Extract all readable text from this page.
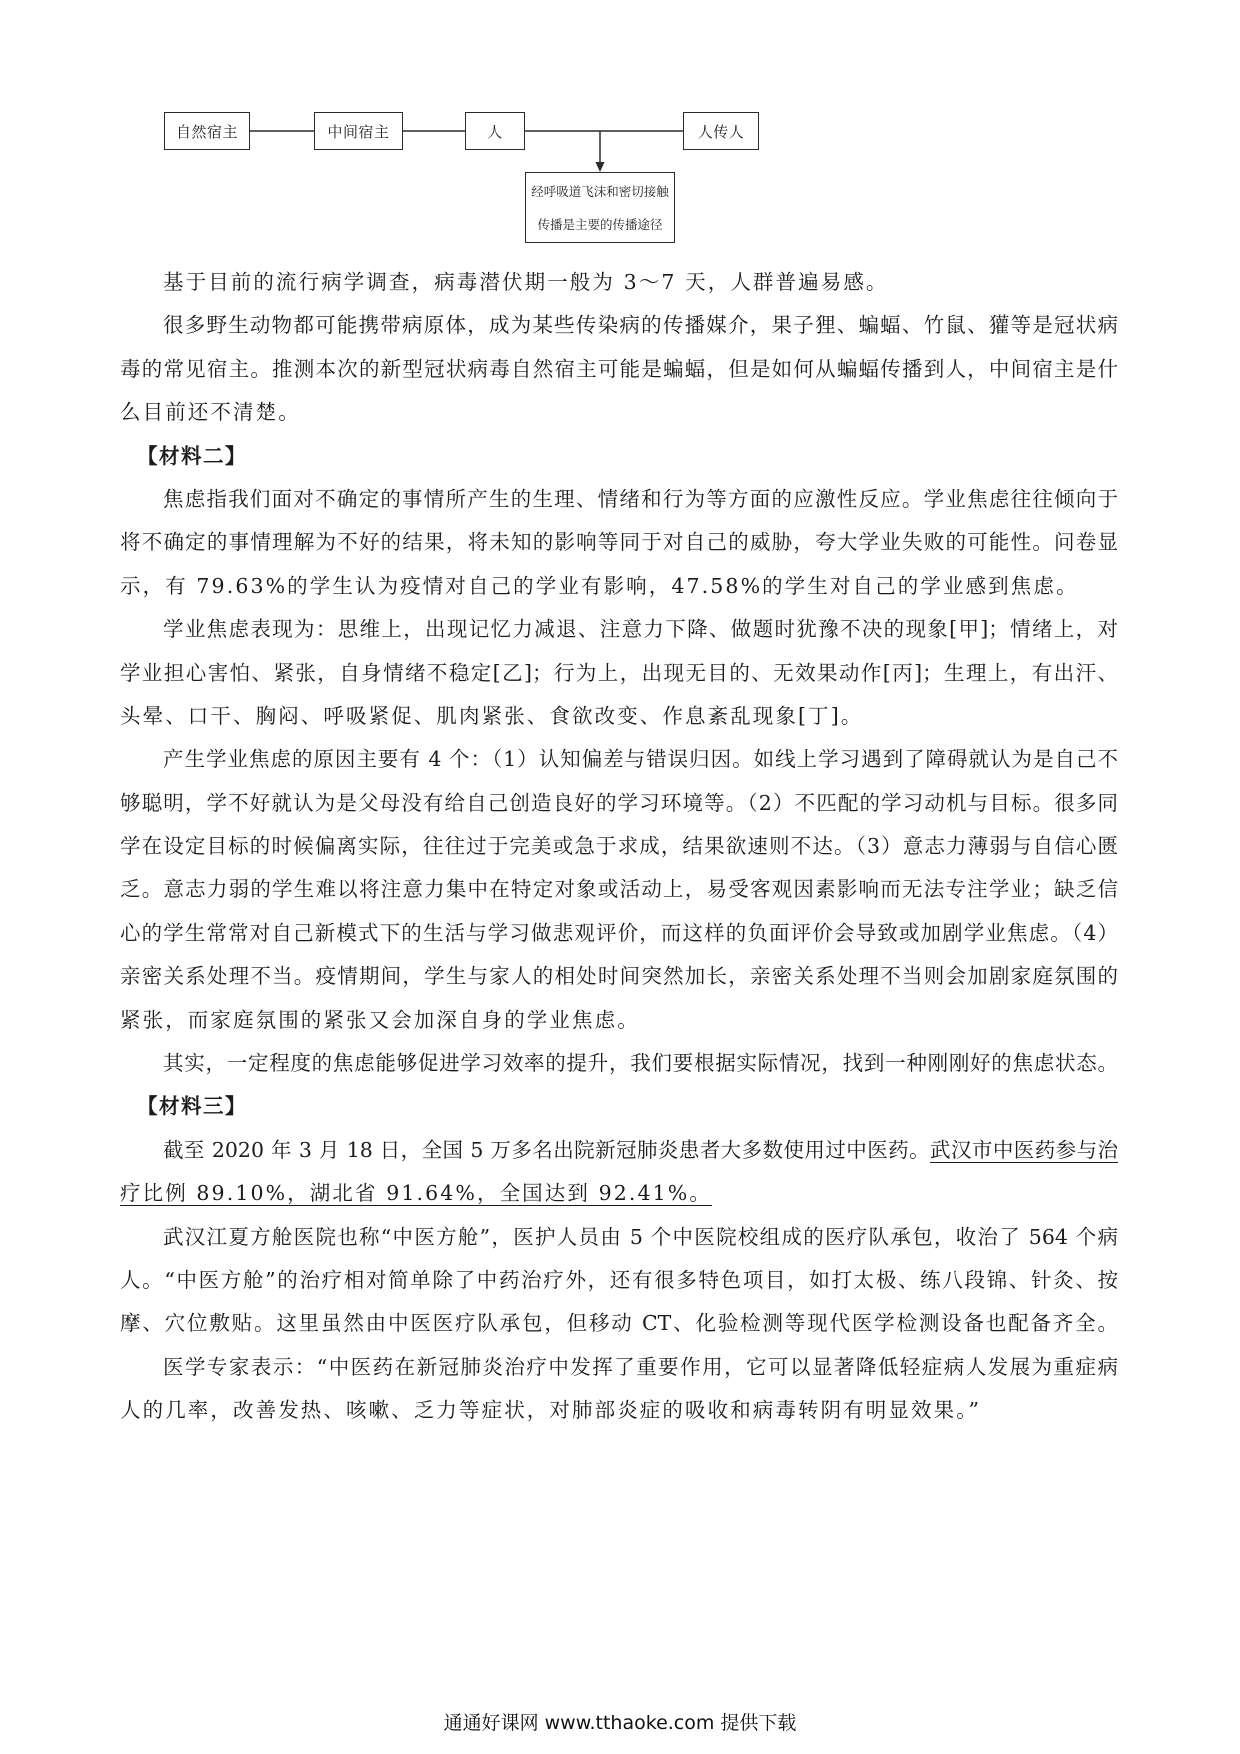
自然宿主	中间宿主	人	人传人
经呼吸道飞沫和密切接触
传播是主要的传播途径
基于目前的流行病学调查，病毒潜伏期一般为 3～7 天，人群普遍易感。
很多野生动物都可能携带病原体，成为某些传染病的传播媒介，果子狸、蝙蝠、竹鼠、獾等是冠状病
毒的常见宿主。推测本次的新型冠状病毒自然宿主可能是蝙蝠，但是如何从蝙蝠传播到人，中间宿主是什
么目前还不清楚。
【材料二】
焦虑指我们面对不确定的事情所产生的生理、情绪和行为等方面的应激性反应。学业焦虑往往倾向于
将不确定的事情理解为不好的结果，将未知的影响等同于对自己的威胁，夸大学业失败的可能性。问卷显
示，有 79.63%的学生认为疫情对自己的学业有影响，47.58%的学生对自己的学业感到焦虑。
学业焦虑表现为：思维上，出现记忆力减退、注意力下降、做题时犹豫不决的现象[甲]；情绪上，对
学业担心害怕、紧张，自身情绪不稳定[乙]；行为上，出现无目的、无效果动作[丙]；生理上，有出汗、
头晕、口干、胸闷、呼吸紧促、肌肉紧张、食欲改变、作息紊乱现象[丁]。
产生学业焦虑的原因主要有 4 个：（1）认知偏差与错误归因。如线上学习遇到了障碍就认为是自己不
够聪明，学不好就认为是父母没有给自己创造良好的学习环境等。（2）不匹配的学习动机与目标。很多同
学在设定目标的时候偏离实际，往往过于完美或急于求成，结果欲速则不达。（3）意志力薄弱与自信心匮
乏。意志力弱的学生难以将注意力集中在特定对象或活动上，易受客观因素影响而无法专注学业；缺乏信
心的学生常常对自己新模式下的生活与学习做悲观评价，而这样的负面评价会导致或加剧学业焦虑。（4）
亲密关系处理不当。疫情期间，学生与家人的相处时间突然加长，亲密关系处理不当则会加剧家庭氛围的
紧张，而家庭氛围的紧张又会加深自身的学业焦虑。
其实，一定程度的焦虑能够促进学习效率的提升，我们要根据实际情况，找到一种刚刚好的焦虑状态。
【材料三】
截至 2020 年 3 月 18 日，全国 5 万多名出院新冠肺炎患者大多数使用过中医药。武汉市中医药参与治
疗比例 89.10%，湖北省 91.64%，全国达到 92.41%。
武汉江夏方舱医院也称“中医方舱”，医护人员由 5 个中医院校组成的医疗队承包，收治了 564 个病
人。“中医方舱”的治疗相对简单除了中药治疗外，还有很多特色项目，如打太极、练八段锦、针灸、按
摩、穴位敷贴。这里虽然由中医医疗队承包，但移动 CT、化验检测等现代医学检测设备也配备齐全。
医学专家表示：“中医药在新冠肺炎治疗中发挥了重要作用，它可以显著降低轻症病人发展为重症病
人的几率，改善发热、咳嗽、乏力等症状，对肺部炎症的吸收和病毒转阴有明显效果。”
通通好课网 www.tthaoke.com 提供下载
